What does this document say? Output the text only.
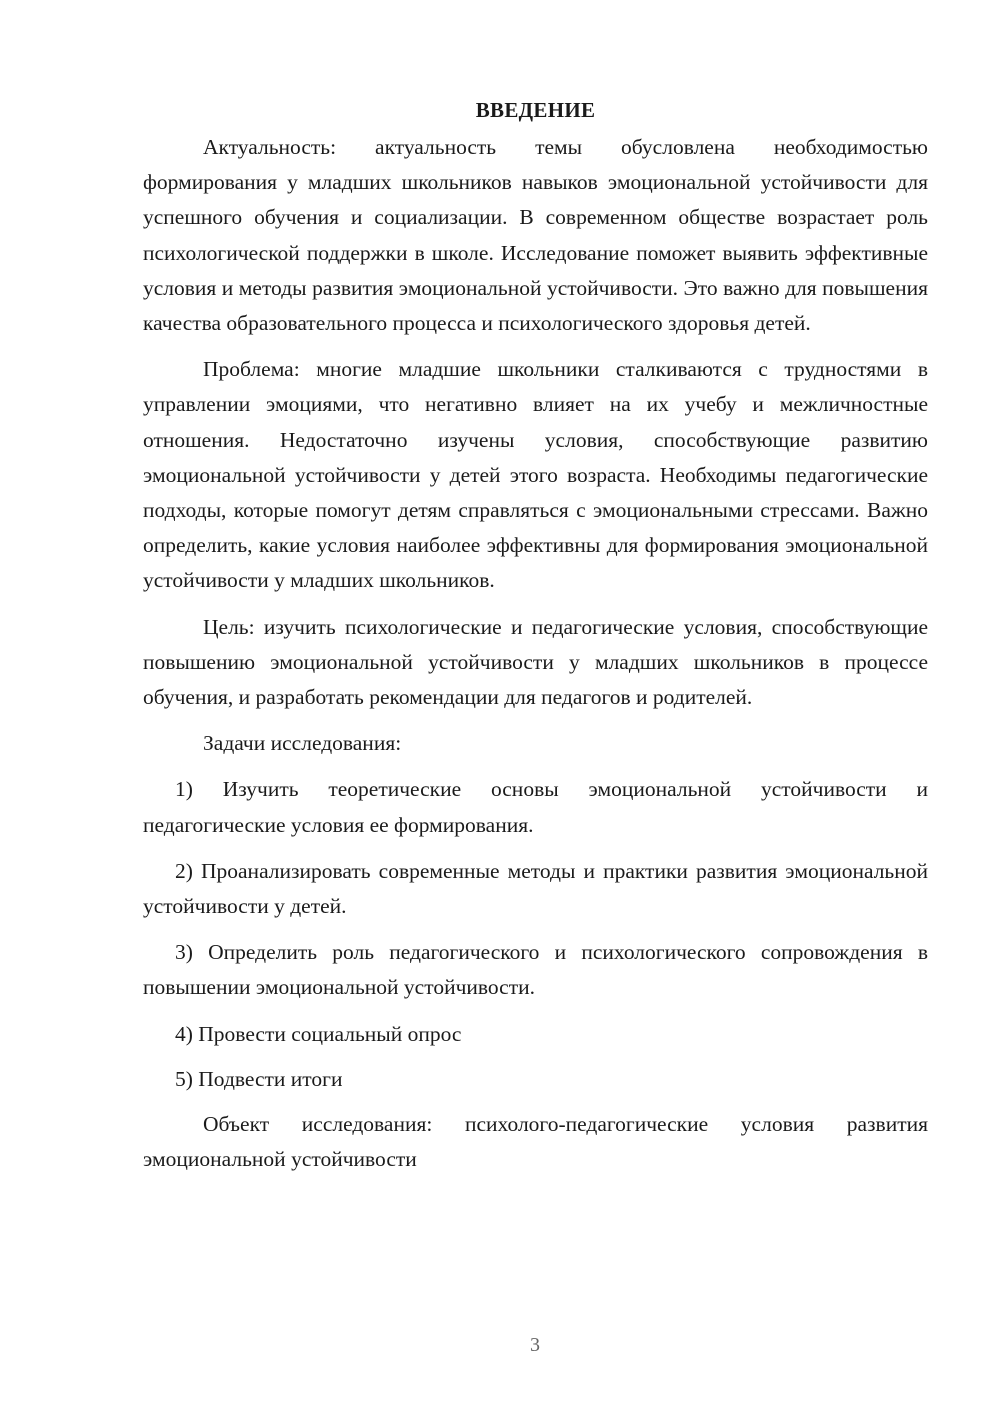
ВВЕДЕНИЕ

Актуальность: актуальность темы обусловлена необходимостью формирования у младших школьников навыков эмоциональной устойчивости для успешного обучения и социализации. В современном обществе возрастает роль психологической поддержки в школе. Исследование поможет выявить эффективные условия и методы развития эмоциональной устойчивости. Это важно для повышения качества образовательного процесса и психологического здоровья детей.

Проблема: многие младшие школьники сталкиваются с трудностями в управлении эмоциями, что негативно влияет на их учебу и межличностные отношения. Недостаточно изучены условия, способствующие развитию эмоциональной устойчивости у детей этого возраста. Необходимы педагогические подходы, которые помогут детям справляться с эмоциональными стрессами. Важно определить, какие условия наиболее эффективны для формирования эмоциональной устойчивости у младших школьников.

Цель: изучить психологические и педагогические условия, способствующие повышению эмоциональной устойчивости у младших школьников в процессе обучения, и разработать рекомендации для педагогов и родителей.

Задачи исследования:

1) Изучить теоретические основы эмоциональной устойчивости и педагогические условия ее формирования.

2) Проанализировать современные методы и практики развития эмоциональной устойчивости у детей.

3) Определить роль педагогического и психологического сопровождения в повышении эмоциональной устойчивости.

4) Провести социальный опрос

5) Подвести итоги

Объект исследования: психолого-педагогические условия развития эмоциональной устойчивости

3
